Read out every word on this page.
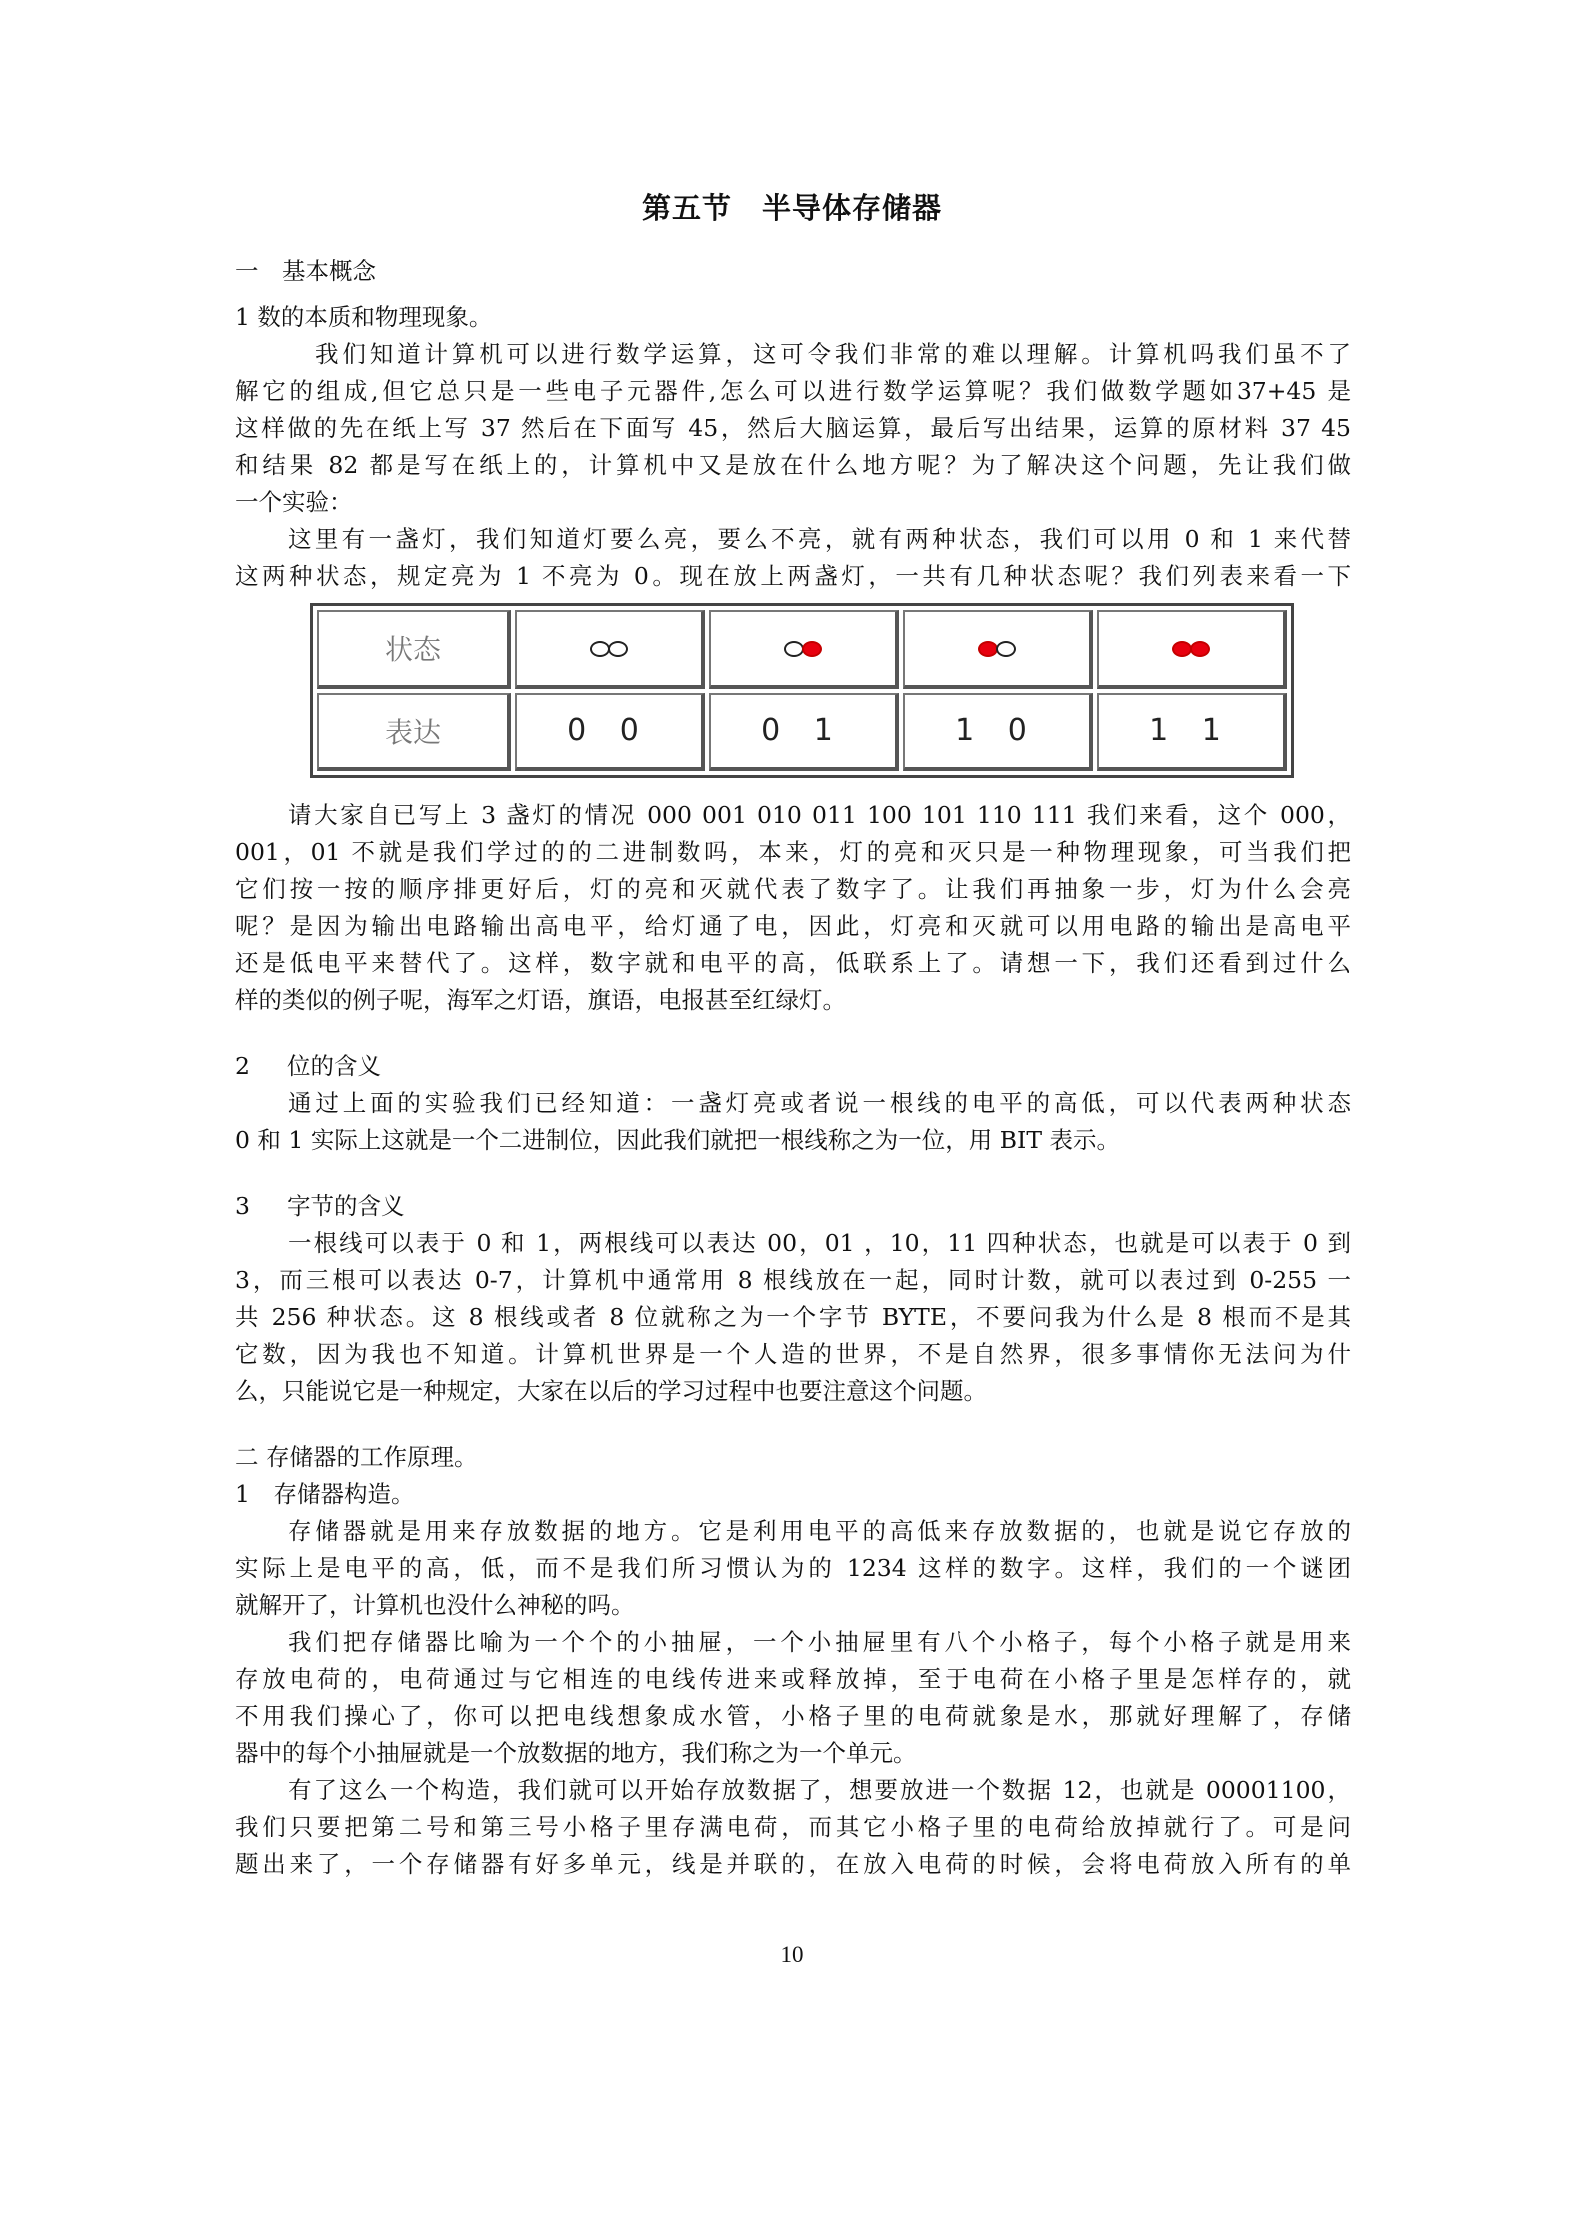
第五节　半导体存储器
一　基本概念
1 数的本质和物理现象。
我们知道计算机可以进行数学运算，这可令我们非常的难以理解。计算机吗我们虽不了
解它的组成,但它总只是一些电子元器件,怎么可以进行数学运算呢？我们做数学题如37+45 是
这样做的先在纸上写 37 然后在下面写 45，然后大脑运算，最后写出结果，运算的原材料 37 45
和结果 82 都是写在纸上的，计算机中又是放在什么地方呢？为了解决这个问题，先让我们做
一个实验：
这里有一盏灯，我们知道灯要么亮，要么不亮，就有两种状态，我们可以用 0 和 1 来代替
这两种状态，规定亮为 1 不亮为 0。现在放上两盏灯，一共有几种状态呢？我们列表来看一下
状态				
表达	0 0	0 1	1 0	1 1
请大家自已写上 3 盏灯的情况 000 001 010 011 100 101 110 111 我们来看，这个 000，
001，01 不就是我们学过的的二进制数吗，本来，灯的亮和灭只是一种物理现象，可当我们把
它们按一按的顺序排更好后，灯的亮和灭就代表了数字了。让我们再抽象一步，灯为什么会亮
呢？是因为输出电路输出高电平，给灯通了电，因此，灯亮和灭就可以用电路的输出是高电平
还是低电平来替代了。这样，数字就和电平的高，低联系上了。请想一下，我们还看到过什么
样的类似的例子呢，海军之灯语，旗语，电报甚至红绿灯。
2 位的含义
通过上面的实验我们已经知道：一盏灯亮或者说一根线的电平的高低，可以代表两种状态
0 和 1 实际上这就是一个二进制位，因此我们就把一根线称之为一位，用 BIT 表示。
3 字节的含义
一根线可以表于 0 和 1，两根线可以表达 00，01 ，10，11 四种状态，也就是可以表于 0 到
3，而三根可以表达 0-7，计算机中通常用 8 根线放在一起，同时计数，就可以表过到 0-255 一
共 256 种状态。这 8 根线或者 8 位就称之为一个字节 BYTE，不要问我为什么是 8 根而不是其
它数，因为我也不知道。计算机世界是一个人造的世界，不是自然界，很多事情你无法问为什
么，只能说它是一种规定，大家在以后的学习过程中也要注意这个问题。
二 存储器的工作原理。
1　存储器构造。
存储器就是用来存放数据的地方。它是利用电平的高低来存放数据的，也就是说它存放的
实际上是电平的高，低，而不是我们所习惯认为的 1234 这样的数字。这样，我们的一个谜团
就解开了，计算机也没什么神秘的吗。
我们把存储器比喻为一个个的小抽屉，一个小抽屉里有八个小格子，每个小格子就是用来
存放电荷的，电荷通过与它相连的电线传进来或释放掉，至于电荷在小格子里是怎样存的，就
不用我们操心了，你可以把电线想象成水管，小格子里的电荷就象是水，那就好理解了，存储
器中的每个小抽屉就是一个放数据的地方，我们称之为一个单元。
有了这么一个构造，我们就可以开始存放数据了，想要放进一个数据 12，也就是 00001100，
我们只要把第二号和第三号小格子里存满电荷，而其它小格子里的电荷给放掉就行了。可是问
题出来了，一个存储器有好多单元，线是并联的，在放入电荷的时候，会将电荷放入所有的单
10
